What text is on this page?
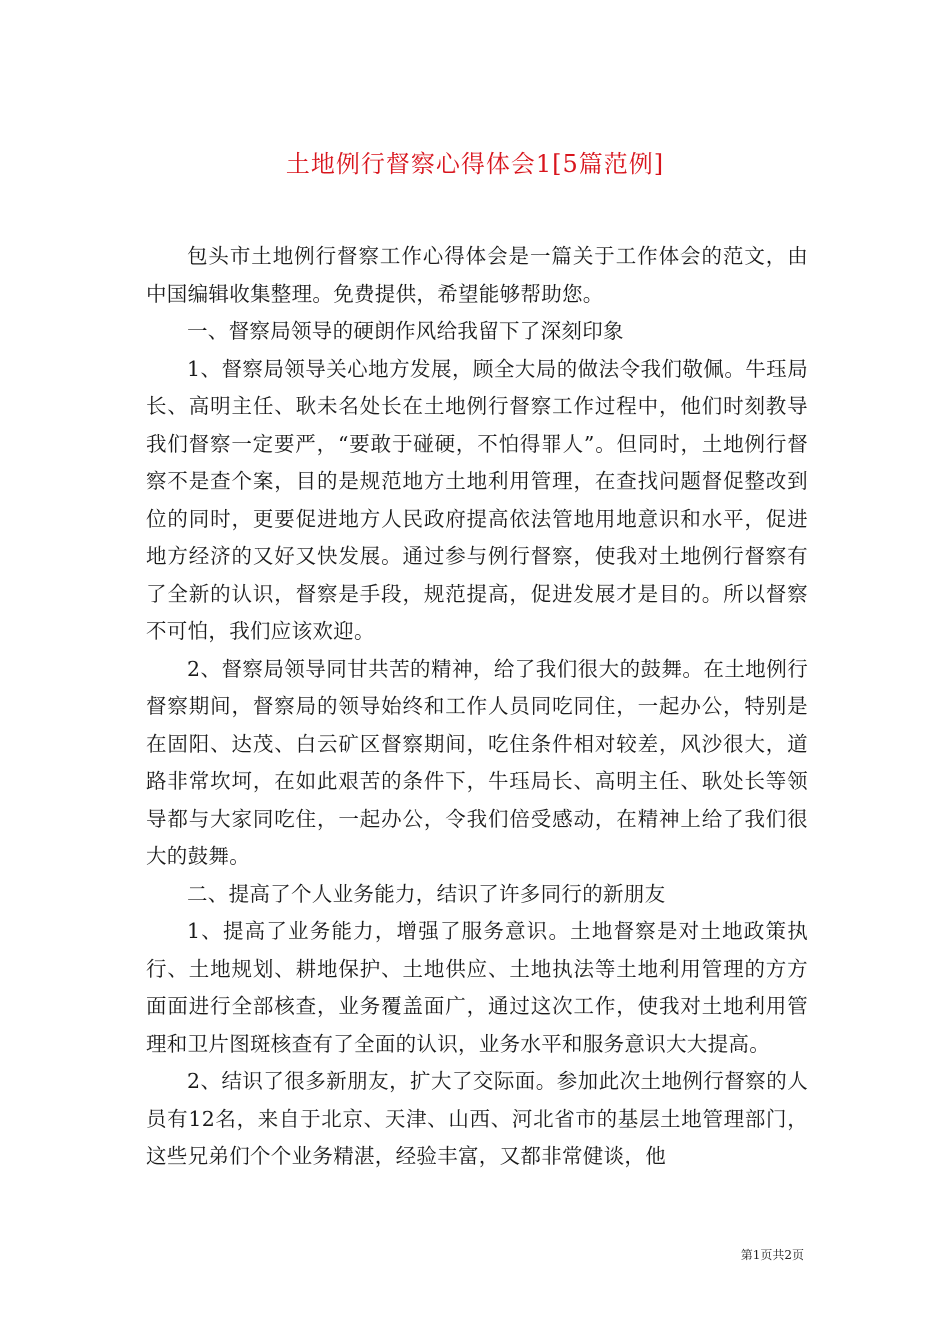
土地例行督察心得体会1[5篇范例]

包头市土地例行督察工作心得体会是一篇关于工作体会的范文，由中国编辑收集整理。免费提供，希望能够帮助您。

一、督察局领导的硬朗作风给我留下了深刻印象

1、督察局领导关心地方发展，顾全大局的做法令我们敬佩。牛珏局长、高明主任、耿未名处长在土地例行督察工作过程中，他们时刻教导我们督察一定要严，“要敢于碰硬，不怕得罪人”。但同时，土地例行督察不是查个案，目的是规范地方土地利用管理，在查找问题督促整改到位的同时，更要促进地方人民政府提高依法管地用地意识和水平，促进地方经济的又好又快发展。通过参与例行督察，使我对土地例行督察有了全新的认识，督察是手段，规范提高，促进发展才是目的。所以督察不可怕，我们应该欢迎。

2、督察局领导同甘共苦的精神，给了我们很大的鼓舞。在土地例行督察期间，督察局的领导始终和工作人员同吃同住，一起办公，特别是在固阳、达茂、白云矿区督察期间，吃住条件相对较差，风沙很大，道路非常坎坷，在如此艰苦的条件下，牛珏局长、高明主任、耿处长等领导都与大家同吃住，一起办公，令我们倍受感动，在精神上给了我们很大的鼓舞。

二、提高了个人业务能力，结识了许多同行的新朋友

1、提高了业务能力，增强了服务意识。土地督察是对土地政策执行、土地规划、耕地保护、土地供应、土地执法等土地利用管理的方方面面进行全部核查，业务覆盖面广，通过这次工作，使我对土地利用管理和卫片图斑核查有了全面的认识，业务水平和服务意识大大提高。

2、结识了很多新朋友，扩大了交际面。参加此次土地例行督察的人员有12名，来自于北京、天津、山西、河北省市的基层土地管理部门，这些兄弟们个个业务精湛，经验丰富，又都非常健谈，他

第1页共2页
